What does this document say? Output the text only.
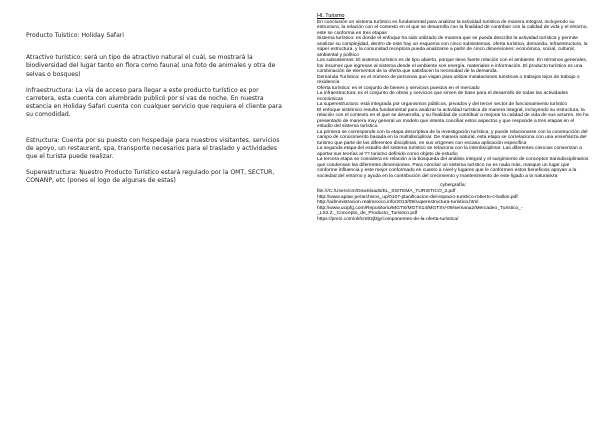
Producto Tuístico: Holiday Safari

Atractivo turístico: será un tipo de atractivo natural el cuál, se mostrará la biodiversidad del lugar tanto en flora como fauna( una foto de animales y otra de selvas o bosques)

Infraestructura: La vía de acceso para llegar a este producto turístico es por carretera, esta cuenta con alumbrado publicó por si vas de noche. En nuestra estancia en Holiday Safari cuenta con cualquer servicio que requiera el cliente para su comodidad.

Estructura: Cuenta por su puesto con hospedaje para nuestros visitantes, servicios de apoyo, un restaurant, spa, transporte necesarios para el traslado y actividades que el turista puede realizar.

Superestructura: Nuestro Producto Turístico estará regulado por la OMT, SECTUR, CONANP, etc (pones el logo de algunas de estas)

Ht. Turismo

En conclusión un sistema turístico es fundamental para analizar la actividad turística de manera integral, incluyendo su estructura, la relación con el contexto en el que se desarrolla con la finalidad de contribuir con la calidad de vida y el entorno, este se conforma en tres etapas

Sistema turístico: es donde el enfoque ha sido utilizado de manera que se pueda describir la actividad turística y permite analizar su complejidad, dentro de este hay un esquema con cinco subsistemas, oferta turística, demanda, infraestructura, la súper estructura, y la comunidad receptora pueda analizarse a partir de cinco dimensiones: económica, social, cultural, ambiental y político

Los subsistemas: El sistema turístico es de tipo abierto, porque tiene fuerte relación con el ambiente. En términos generales, los insumos que ingresan al sistema desde el ambiente son energía, materiales e información. El producto turístico es una combinación de elementos de la oferta que satisfacen la necesidad de la demanda.

Demanda Turística: es el número de personas que viajan para utilizar instalaciones turísticas o trabajos lejos de trabajo o residencia

Oferta turística: es el conjunto de bienes y servicios puestos en el mercado

La infraestructura: es el conjunto de obras y servicios que sirven de base para el desarrollo de todas las actividades económicas

La superestructura: está integrada por organismos públicos, privados y del tercer sector de funcionamiento turístico

El enfoque sistémico resulta fundamental para analizar la actividad turística de manera integral, incluyendo su estructura, la relación con el contexto en el que se desarrolla, y su finalidad de contribuir a mejorar la calidad de vida de sus actores. Se ha presentado de manera muy general un modelo que intenta conciliar estos aspectos y que responde a tres etapas en el estudio del sistema turístico.

La primera se corresponde con la etapa descriptiva de la investigación turística, y puede relacionarse con la construcción del campo de conocimiento basada en la multidisciplinar. De manera natural, esta etapa se correlaciona con una enseñanza del turismo que parte de las diferentes disciplinas, en sus orígenes con escasa aplicación específica

La segunda etapa del estudio del sistema turístico se relaciona con la interdisciplinar. Las diferentes ciencias comienzan a aportar sus teorías al ?? turismo definido como objeto de estudio

La tercera etapa se considera en relación a la búsqueda del análisis integral y el surgimiento de conceptos transdisciplinarios que condensan las diferentes dimensiones. Para concluir un sistema turístico no es nada más, masque un lugar que conforme influencia y este mejor conformado en cuanto a nivel y lugares que le conformen estos beneficios apoyan a la sociedad del entorno y ayuda en la contribución del crecimiento y mantenimiento de este ligado a la naturaleza

cybergrafía:

file:///C:/Users/cm/Downloads/EL_SISTEMA_TURISTICO_2.pdf
http://www.aptae.pe/archivos_up/0107-planificacion-del-espacio-turistico-roberto-c-ballon.pdf
http://administracion.realmexico.info/2013/09/superestructura-turistica.html
http://www.ucipfg.com/Repositorio/MGTS/MGTS14/MGTSV-09/semana2/Mercadeo_Turistico_-_LS2.2._Concepto_de_Producto_Turistico.pdf
https://prezi.com/okfcm93jl3jy/componentes-de-la-oferta-turistica/
